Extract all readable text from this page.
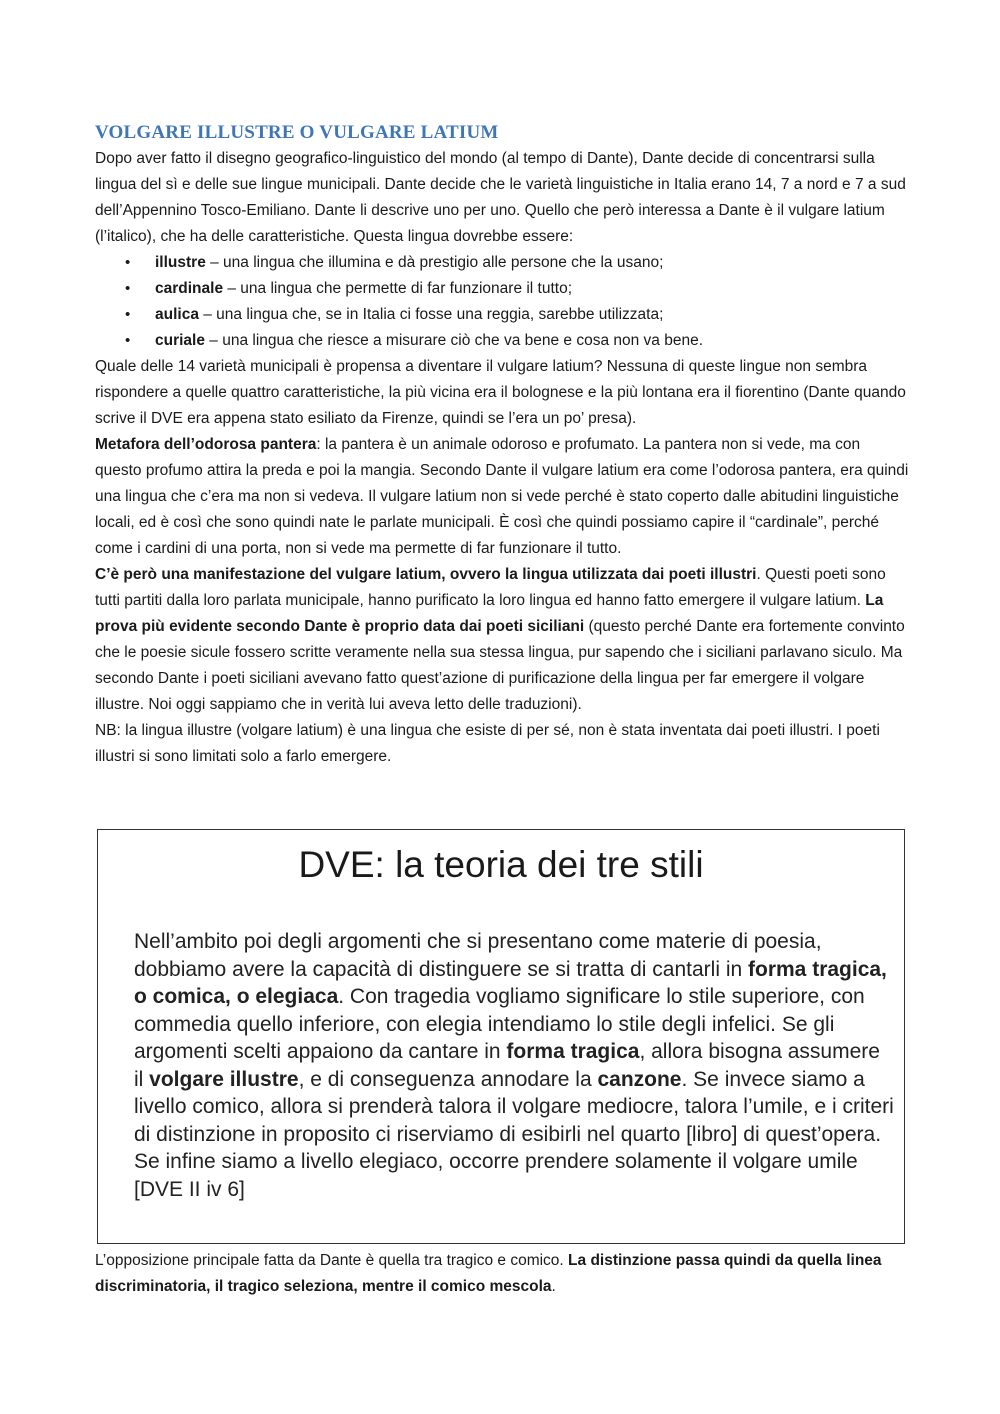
VOLGARE ILLUSTRE O VULGARE LATIUM

Dopo aver fatto il disegno geografico-linguistico del mondo (al tempo di Dante), Dante decide di concentrarsi sulla lingua del sì e delle sue lingue municipali. Dante decide che le varietà linguistiche in Italia erano 14, 7 a nord e 7 a sud dell’Appennino Tosco-Emiliano. Dante li descrive uno per uno. Quello che però interessa a Dante è il vulgare latium (l’italico), che ha delle caratteristiche. Questa lingua dovrebbe essere:

• illustre – una lingua che illumina e dà prestigio alle persone che la usano;
• cardinale – una lingua che permette di far funzionare il tutto;
• aulica – una lingua che, se in Italia ci fosse una reggia, sarebbe utilizzata;
• curiale – una lingua che riesce a misurare ciò che va bene e cosa non va bene.

Quale delle 14 varietà municipali è propensa a diventare il vulgare latium? Nessuna di queste lingue non sembra rispondere a quelle quattro caratteristiche, la più vicina era il bolognese e la più lontana era il fiorentino (Dante quando scrive il DVE era appena stato esiliato da Firenze, quindi se l’era un po’ presa).

Metafora dell’odorosa pantera: la pantera è un animale odoroso e profumato. La pantera non si vede, ma con questo profumo attira la preda e poi la mangia. Secondo Dante il vulgare latium era come l’odorosa pantera, era quindi una lingua che c’era ma non si vedeva. Il vulgare latium non si vede perché è stato coperto dalle abitudini linguistiche locali, ed è così che sono quindi nate le parlate municipali. È così che quindi possiamo capire il “cardinale”, perché come i cardini di una porta, non si vede ma permette di far funzionare il tutto.

C’è però una manifestazione del vulgare latium, ovvero la lingua utilizzata dai poeti illustri. Questi poeti sono tutti partiti dalla loro parlata municipale, hanno purificato la loro lingua ed hanno fatto emergere il vulgare latium. La prova più evidente secondo Dante è proprio data dai poeti siciliani (questo perché Dante era fortemente convinto che le poesie sicule fossero scritte veramente nella sua stessa lingua, pur sapendo che i siciliani parlavano siculo. Ma secondo Dante i poeti siciliani avevano fatto quest’azione di purificazione della lingua per far emergere il volgare illustre. Noi oggi sappiamo che in verità lui aveva letto delle traduzioni).

NB: la lingua illustre (volgare latium) è una lingua che esiste di per sé, non è stata inventata dai poeti illustri. I poeti illustri si sono limitati solo a farlo emergere.

DVE: la teoria dei tre stili
Nell’ambito poi degli argomenti che si presentano come materie di poesia, dobbiamo avere la capacità di distinguere se si tratta di cantarli in forma tragica, o comica, o elegiaca. Con tragedia vogliamo significare lo stile superiore, con commedia quello inferiore, con elegia intendiamo lo stile degli infelici. Se gli argomenti scelti appaiono da cantare in forma tragica, allora bisogna assumere il volgare illustre, e di conseguenza annodare la canzone. Se invece siamo a livello comico, allora si prenderà talora il volgare mediocre, talora l’umile, e i criteri di distinzione in proposito ci riserviamo di esibirli nel quarto [libro] di quest’opera. Se infine siamo a livello elegiaco, occorre prendere solamente il volgare umile [DVE II iv 6]
L’opposizione principale fatta da Dante è quella tra tragico e comico. La distinzione passa quindi da quella linea discriminatoria, il tragico seleziona, mentre il comico mescola.
